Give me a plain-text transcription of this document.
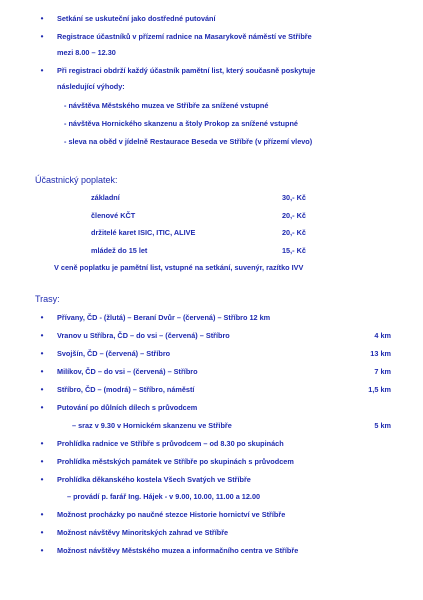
•	Setkání se uskuteční jako dostředné putování
•	Registrace účastníků v přízemí radnice na Masarykově náměstí ve Stříbře
mezi 8.00 – 12.30
•	Při registraci obdrží každý účastník pamětní list, který současně poskytuje
následující výhody:
- návštěva Městského muzea ve Stříbře za snížené vstupné
- návštěva Hornického skanzenu a štoly Prokop za snížené vstupné
- sleva na oběd v jídelně Restaurace Beseda ve Stříbře (v přízemí vlevo)
Účastnický poplatek:
základní	30,- Kč
členové KČT	20,- Kč
držitelé karet ISIC, ITIC, ALIVE	20,- Kč
mládež do 15 let	15,- Kč
V ceně poplatku je pamětní list, vstupné na setkání, suvenýr, razítko IVV
Trasy:
•	Přívany, ČD - (žlutá) – Beraní Dvůr – (červená) – Stříbro 12 km
•	Vranov u Stříbra, ČD – do vsi – (červená) – Stříbro	4 km
•	Svojšín, ČD – (červená) – Stříbro	13 km
•	Milíkov, ČD – do vsi – (červená) – Stříbro	7 km
•	Stříbro, ČD – (modrá) – Stříbro, náměstí	1,5 km
•	Putování po důlních dílech s průvodcem
– sraz v 9.30 v Hornickém skanzenu ve Stříbře	5 km
•	Prohlídka radnice ve Stříbře s průvodcem – od 8.30 po skupinách
•	Prohlídka městských památek ve Stříbře po skupinách s průvodcem
•	Prohlídka děkanského kostela Všech Svatých ve Stříbře
– provádí p. farář Ing. Hájek - v 9.00, 10.00, 11.00 a 12.00
•	Možnost procházky po naučné stezce Historie hornictví ve Stříbře
•	Možnost návštěvy Minoritských zahrad ve Stříbře
•	Možnost návštěvy Městského muzea a informačního centra ve Stříbře
